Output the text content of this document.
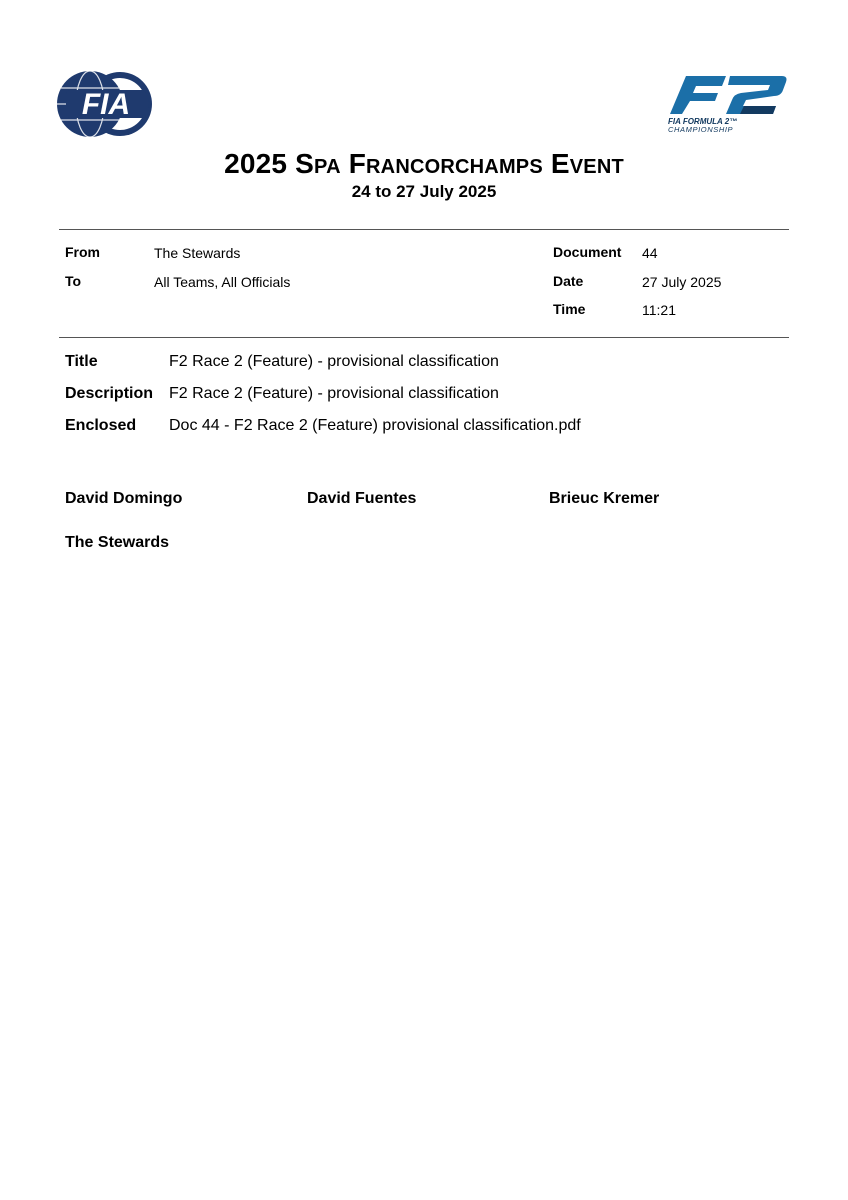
FIA
FIA FORMULA 2™
CHAMPIONSHIP
2025 Spa Francorchamps Event
24 to 27 July 2025
From	The Stewards
To	All Teams, All Officials
Document 44
Date	27 July 2025
Time	11:21
Title	F2 Race 2 (Feature) - provisional classification
Description F2 Race 2 (Feature) - provisional classification
Enclosed Doc 44 - F2 Race 2 (Feature) provisional classification.pdf
David Domingo	David Fuentes	Brieuc Kremer
The Stewards
